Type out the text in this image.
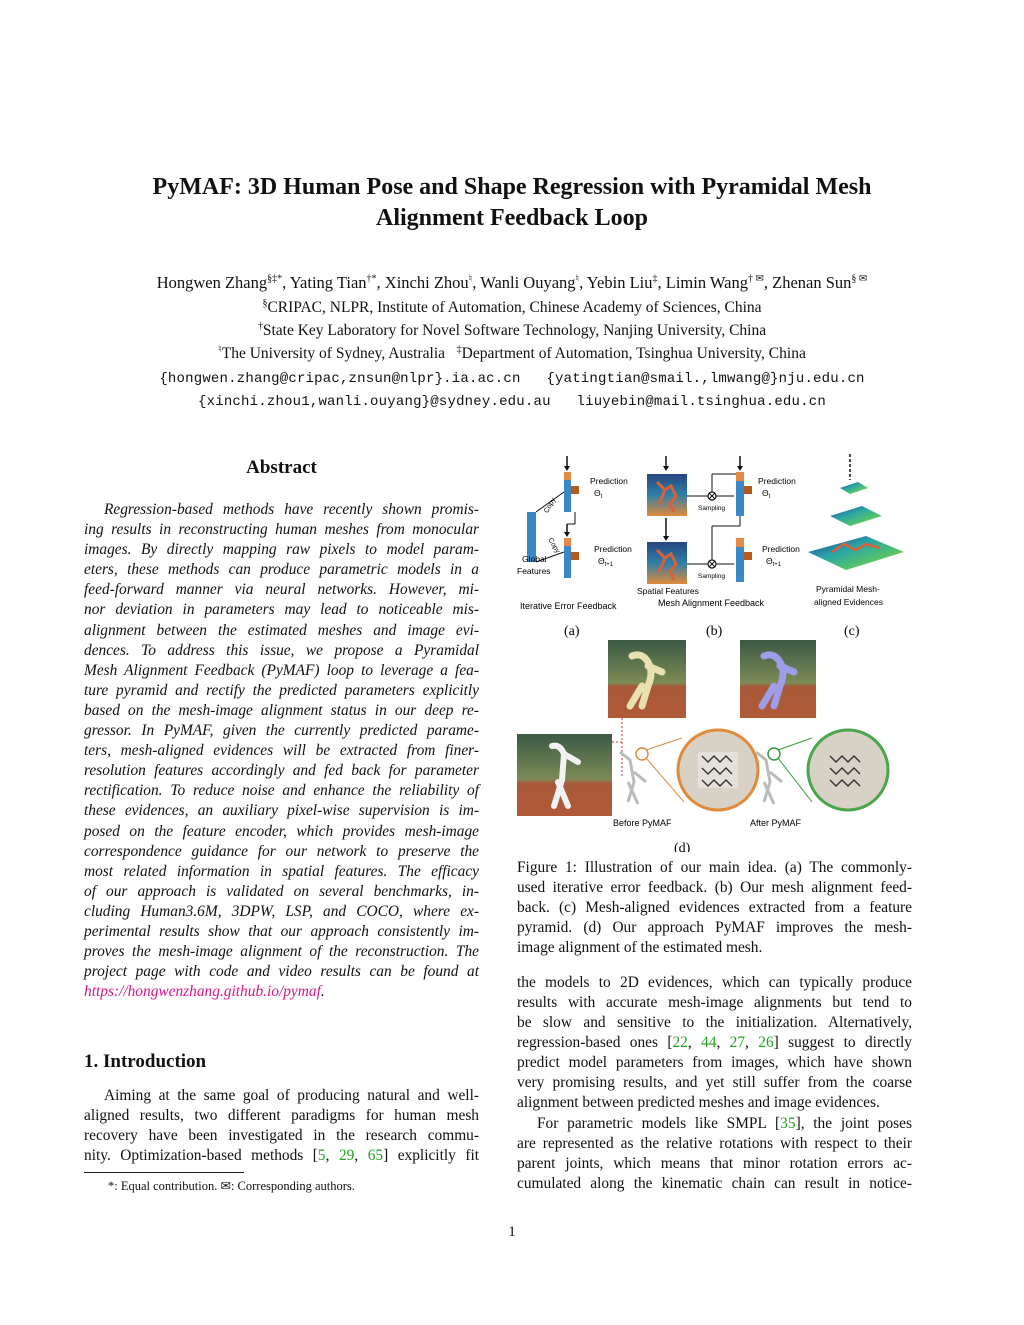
PyMAF: 3D Human Pose and Shape Regression with Pyramidal Mesh
Alignment Feedback Loop
Hongwen Zhang§‡*, Yating Tian†*, Xinchi Zhou♮, Wanli Ouyang♮, Yebin Liu‡, Limin Wang† ✉, Zhenan Sun§ ✉
§CRIPAC, NLPR, Institute of Automation, Chinese Academy of Sciences, China
†State Key Laboratory for Novel Software Technology, Nanjing University, China
♮The University of Sydney, Australia ‡Department of Automation, Tsinghua University, China
{hongwen.zhang@cripac,znsun@nlpr}.ia.ac.cn {yatingtian@smail.,lmwang@}nju.edu.cn
{xinchi.zhou1,wanli.ouyang}@sydney.edu.au liuyebin@mail.tsinghua.edu.cn
Abstract
Regression-based methods have recently shown promis-
ing results in reconstructing human meshes from monocular
images. By directly mapping raw pixels to model param-
eters, these methods can produce parametric models in a
feed-forward manner via neural networks. However, mi-
nor deviation in parameters may lead to noticeable mis-
alignment between the estimated meshes and image evi-
dences. To address this issue, we propose a Pyramidal
Mesh Alignment Feedback (PyMAF) loop to leverage a fea-
ture pyramid and rectify the predicted parameters explicitly
based on the mesh-image alignment status in our deep re-
gressor. In PyMAF, given the currently predicted parame-
ters, mesh-aligned evidences will be extracted from finer-
resolution features accordingly and fed back for parameter
rectification. To reduce noise and enhance the reliability of
these evidences, an auxiliary pixel-wise supervision is im-
posed on the feature encoder, which provides mesh-image
correspondence guidance for our network to preserve the
most related information in spatial features. The efficacy
of our approach is validated on several benchmarks, in-
cluding Human3.6M, 3DPW, LSP, and COCO, where ex-
perimental results show that our approach consistently im-
proves the mesh-image alignment of the reconstruction. The
project page with code and video results can be found at
https://hongwenzhang.github.io/pymaf.
1. Introduction
Aiming at the same goal of producing natural and well-
aligned results, two different paradigms for human mesh
recovery have been investigated in the research commu-
nity. Optimization-based methods [5, 29, 65] explicitly fit
*: Equal contribution. ✉: Corresponding authors.
Copy
Copy
Prediction
$\Theta_t$
Prediction
$\Theta_{t+1}$
Global
Features
Iterative Error Feedback
(a)
Sampling
Prediction
$\Theta_t$
Sampling
Prediction
$\Theta_{t+1}$
Spatial Features
Mesh Alignment Feedback
(b)
Pyramidal Mesh-
aligned Evidences
(c)
Before PyMAF	After PyMAF
(d)
Figure 1: Illustration of our main idea. (a) The commonly-
used iterative error feedback. (b) Our mesh alignment feed-
back. (c) Mesh-aligned evidences extracted from a feature
pyramid. (d) Our approach PyMAF improves the mesh-
image alignment of the estimated mesh.
the models to 2D evidences, which can typically produce
results with accurate mesh-image alignments but tend to
be slow and sensitive to the initialization. Alternatively,
regression-based ones [22, 44, 27, 26] suggest to directly
predict model parameters from images, which have shown
very promising results, and yet still suffer from the coarse
alignment between predicted meshes and image evidences.
For parametric models like SMPL [35], the joint poses
are represented as the relative rotations with respect to their
parent joints, which means that minor rotation errors ac-
cumulated along the kinematic chain can result in notice-
1
